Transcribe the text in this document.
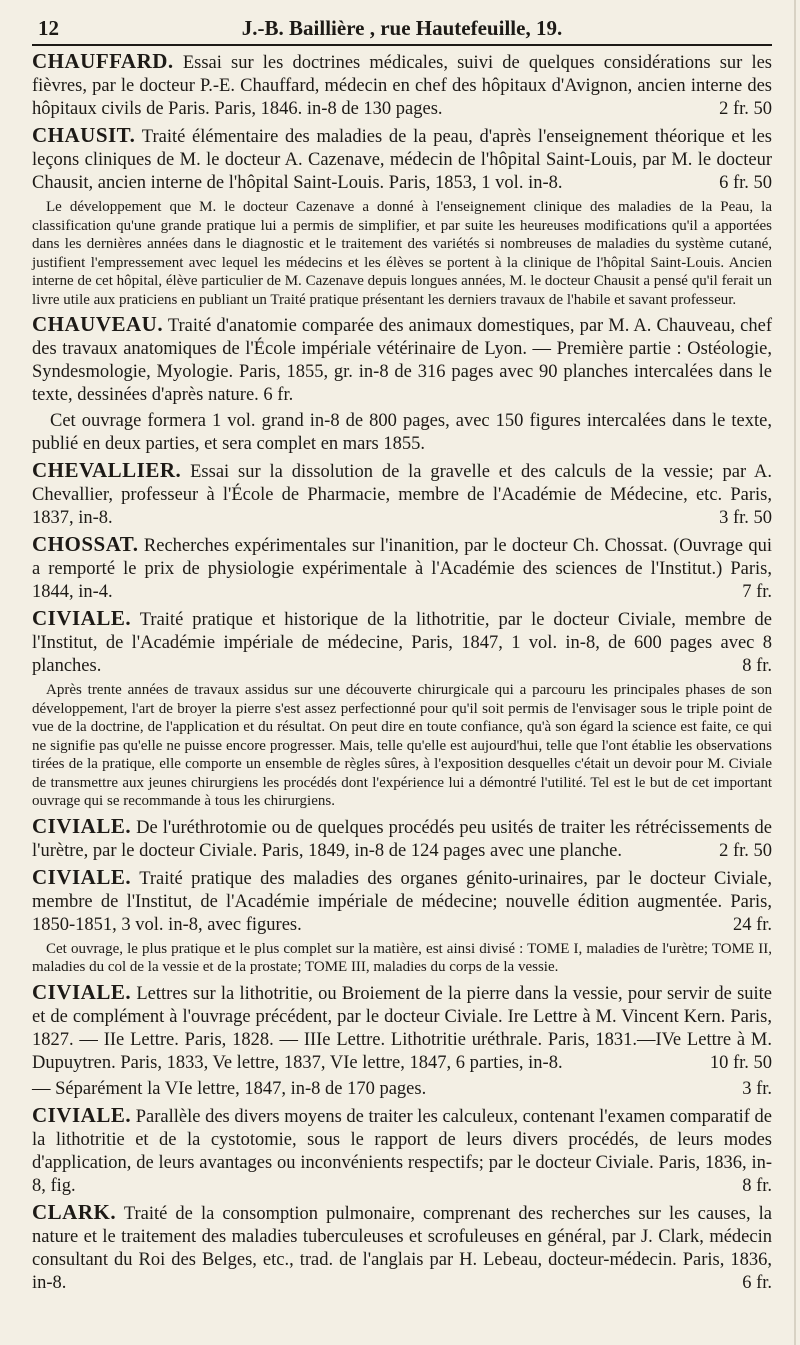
12	J.-B. Baillière , rue Hautefeuille, 19.
CHAUFFARD. Essai sur les doctrines médicales, suivi de quelques considérations sur les fièvres, par le docteur P.-E. Chauffard, médecin en chef des hôpitaux d'Avignon, ancien interne des hôpitaux civils de Paris. Paris, 1846. in-8 de 130 pages.	2 fr. 50
CHAUSIT. Traité élémentaire des maladies de la peau, d'après l'enseignement théorique et les leçons cliniques de M. le docteur A. Cazenave, médecin de l'hôpital Saint-Louis, par M. le docteur Chausit, ancien interne de l'hôpital Saint-Louis. Paris, 1853, 1 vol. in-8.	6 fr. 50
Le développement que M. le docteur Cazenave a donné à l'enseignement clinique des maladies de la Peau, la classification qu'une grande pratique lui a permis de simplifier, et par suite les heureuses modifications qu'il a apportées dans les dernières années dans le diagnostic et le traitement des variétés si nombreuses de maladies du système cutané, justifient l'empressement avec lequel les médecins et les élèves se portent à la clinique de l'hôpital Saint-Louis. Ancien interne de cet hôpital, élève particulier de M. Cazenave depuis longues années, M. le docteur Chausit a pensé qu'il ferait un livre utile aux praticiens en publiant un Traité pratique présentant les derniers travaux de l'habile et savant professeur.
CHAUVEAU. Traité d'anatomie comparée des animaux domestiques, par M. A. Chauveau, chef des travaux anatomiques de l'École impériale vétérinaire de Lyon. — Première partie : Ostéologie, Syndesmologie, Myologie. Paris, 1855, gr. in-8 de 316 pages avec 90 planches intercalées dans le texte, dessinées d'après nature. 6 fr.
Cet ouvrage formera 1 vol. grand in-8 de 800 pages, avec 150 figures intercalées dans le texte, publié en deux parties, et sera complet en mars 1855.
CHEVALLIER. Essai sur la dissolution de la gravelle et des calculs de la vessie; par A. Chevallier, professeur à l'École de Pharmacie, membre de l'Académie de Médecine, etc. Paris, 1837, in-8.	3 fr. 50
CHOSSAT. Recherches expérimentales sur l'inanition, par le docteur Ch. Chossat. (Ouvrage qui a remporté le prix de physiologie expérimentale à l'Académie des sciences de l'Institut.) Paris, 1844, in-4.	7 fr.
CIVIALE. Traité pratique et historique de la lithotritie, par le docteur Civiale, membre de l'Institut, de l'Académie impériale de médecine, Paris, 1847, 1 vol. in-8, de 600 pages avec 8 planches.	8 fr.
Après trente années de travaux assidus sur une découverte chirurgicale qui a parcouru les principales phases de son développement, l'art de broyer la pierre s'est assez perfectionné pour qu'il soit permis de l'envisager sous le triple point de vue de la doctrine, de l'application et du résultat. On peut dire en toute confiance, qu'à son égard la science est faite, ce qui ne signifie pas qu'elle ne puisse encore progresser. Mais, telle qu'elle est aujourd'hui, telle que l'ont établie les observations tirées de la pratique, elle comporte un ensemble de règles sûres, à l'exposition desquelles c'était un devoir pour M. Civiale de transmettre aux jeunes chirurgiens les procédés dont l'expérience lui a démontré l'utilité. Tel est le but de cet important ouvrage qui se recommande à tous les chirurgiens.
CIVIALE. De l'uréthrotomie ou de quelques procédés peu usités de traiter les rétrécissements de l'urètre, par le docteur Civiale. Paris, 1849, in-8 de 124 pages avec une planche.	2 fr. 50
CIVIALE. Traité pratique des maladies des organes génito-urinaires, par le docteur Civiale, membre de l'Institut, de l'Académie impériale de médecine; nouvelle édition augmentée. Paris, 1850-1851, 3 vol. in-8, avec figures.	24 fr.
Cet ouvrage, le plus pratique et le plus complet sur la matière, est ainsi divisé : TOME I, maladies de l'urètre; TOME II, maladies du col de la vessie et de la prostate; TOME III, maladies du corps de la vessie.
CIVIALE. Lettres sur la lithotritie, ou Broiement de la pierre dans la vessie, pour servir de suite et de complément à l'ouvrage précédent, par le docteur Civiale. Ire Lettre à M. Vincent Kern. Paris, 1827. — IIe Lettre. Paris, 1828. — IIIe Lettre. Lithotritie uréthrale. Paris, 1831.—IVe Lettre à M. Dupuytren. Paris, 1833, Ve lettre, 1837, VIe lettre, 1847, 6 parties, in-8.	10 fr. 50
— Séparément la VIe lettre, 1847, in-8 de 170 pages.	3 fr.
CIVIALE. Parallèle des divers moyens de traiter les calculeux, contenant l'examen comparatif de la lithotritie et de la cystotomie, sous le rapport de leurs divers procédés, de leurs modes d'application, de leurs avantages ou inconvénients respectifs; par le docteur Civiale. Paris, 1836, in-8, fig.	8 fr.
CLARK. Traité de la consomption pulmonaire, comprenant des recherches sur les causes, la nature et le traitement des maladies tuberculeuses et scrofuleuses en général, par J. Clark, médecin consultant du Roi des Belges, etc., trad. de l'anglais par H. Lebeau, docteur-médecin. Paris, 1836, in-8.	6 fr.
